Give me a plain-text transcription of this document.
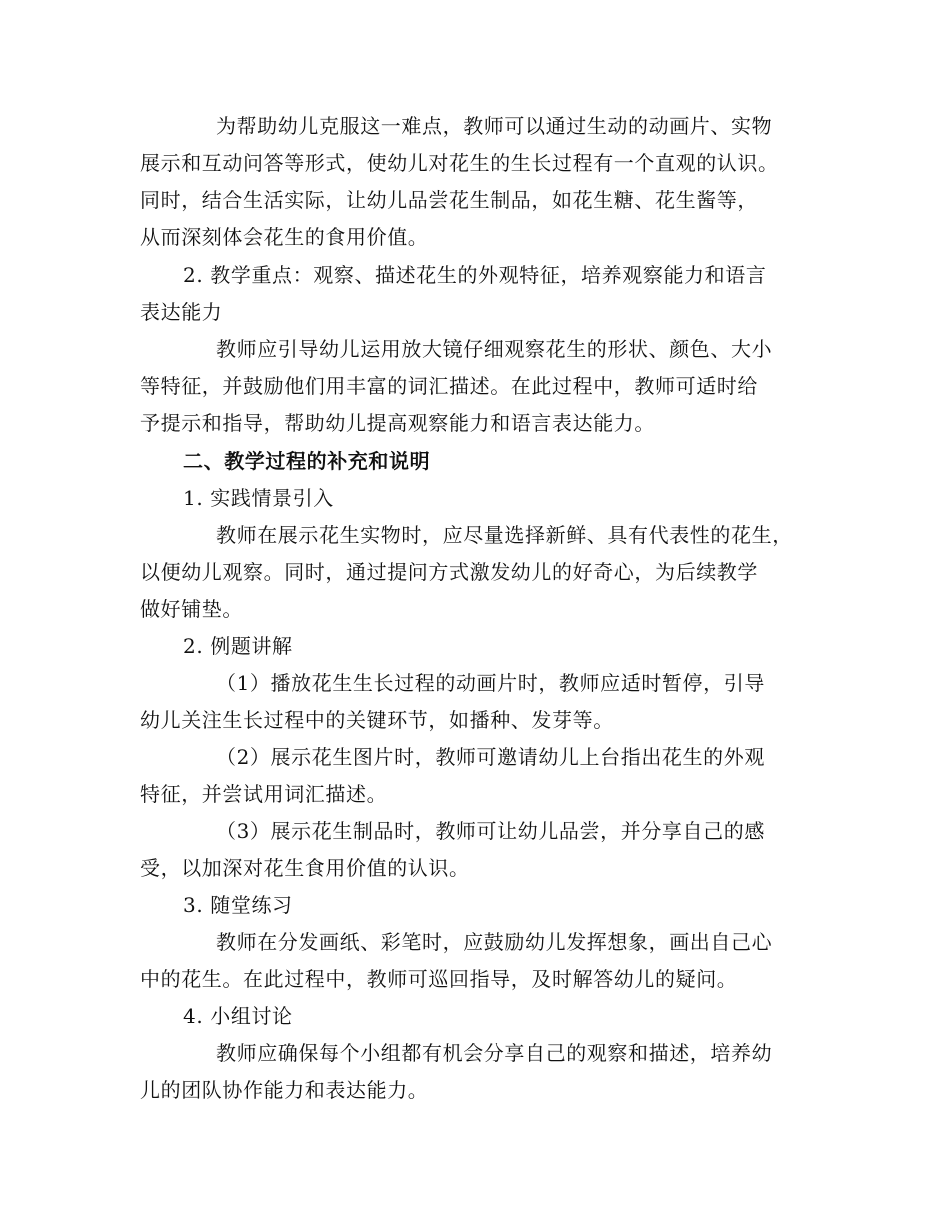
为帮助幼儿克服这一难点，教师可以通过生动的动画片、实物
展示和互动问答等形式，使幼儿对花生的生长过程有一个直观的认识。
同时，结合生活实际，让幼儿品尝花生制品，如花生糖、花生酱等，
从而深刻体会花生的食用价值。
2. 教学重点：观察、描述花生的外观特征，培养观察能力和语言
表达能力
教师应引导幼儿运用放大镜仔细观察花生的形状、颜色、大小
等特征，并鼓励他们用丰富的词汇描述。在此过程中，教师可适时给
予提示和指导，帮助幼儿提高观察能力和语言表达能力。
二、教学过程的补充和说明
1. 实践情景引入
教师在展示花生实物时，应尽量选择新鲜、具有代表性的花生，
以便幼儿观察。同时，通过提问方式激发幼儿的好奇心，为后续教学
做好铺垫。
2. 例题讲解
（1）播放花生生长过程的动画片时，教师应适时暂停，引导
幼儿关注生长过程中的关键环节，如播种、发芽等。
（2）展示花生图片时，教师可邀请幼儿上台指出花生的外观
特征，并尝试用词汇描述。
（3）展示花生制品时，教师可让幼儿品尝，并分享自己的感
受，以加深对花生食用价值的认识。
3. 随堂练习
教师在分发画纸、彩笔时，应鼓励幼儿发挥想象，画出自己心
中的花生。在此过程中，教师可巡回指导，及时解答幼儿的疑问。
4. 小组讨论
教师应确保每个小组都有机会分享自己的观察和描述，培养幼
儿的团队协作能力和表达能力。
